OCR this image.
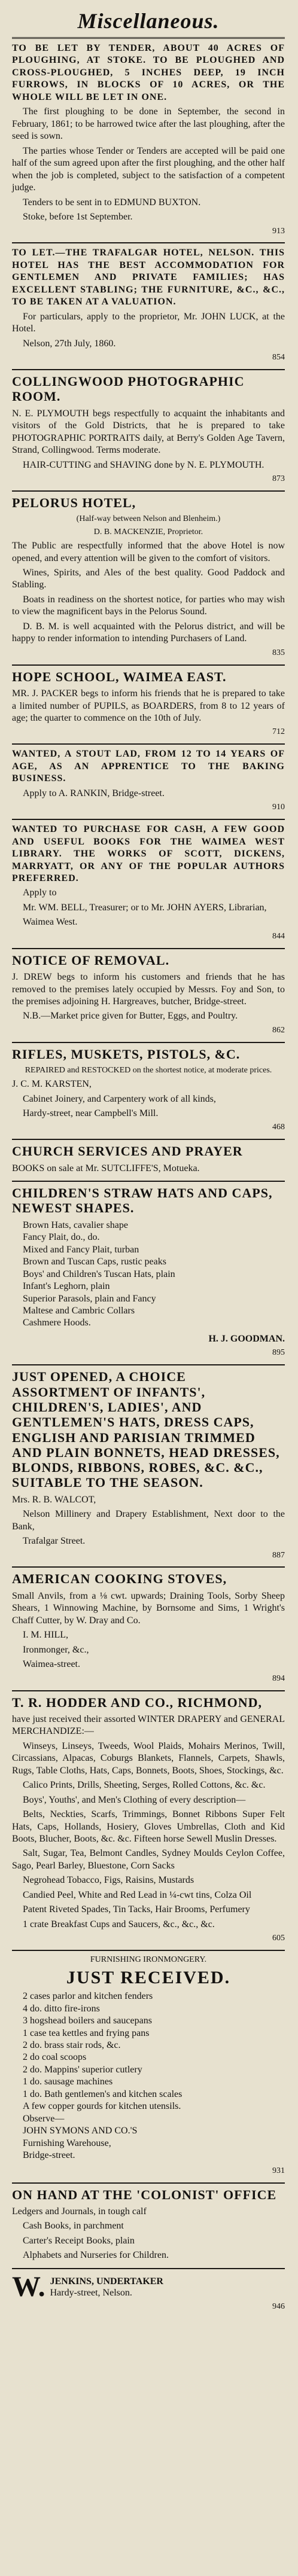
Miscellaneous.
TO BE LET BY TENDER, ABOUT 40 ACRES OF PLOUGHING, AT STOKE. TO BE PLOUGHED AND CROSS-PLOUGHED, 5 INCHES DEEP, 19 INCH FURROWS, IN BLOCKS OF 10 ACRES, OR THE WHOLE WILL BE LET IN ONE.
The first ploughing to be done in September, the second in February, 1861; to be harrowed twice after the last ploughing, after the seed is sown.
The parties whose Tender or Tenders are accepted will be paid one half of the sum agreed upon after the first ploughing, and the other half when the job is completed, subject to the satisfaction of a competent judge.
Tenders to be sent in to EDMUND BUXTON.
Stoke, before 1st September.
913
TO LET.—THE TRAFALGAR HOTEL, NELSON. THIS HOTEL HAS THE BEST ACCOMMODATION FOR GENTLEMEN AND PRIVATE FAMILIES; HAS EXCELLENT STABLING; THE FURNITURE, &C., &C., TO BE TAKEN AT A VALUATION.
For particulars, apply to the proprietor, Mr. JOHN LUCK, at the Hotel.
Nelson, 27th July, 1860.
854
COLLINGWOOD PHOTOGRAPHIC ROOM.
N. E. PLYMOUTH begs respectfully to acquaint the inhabitants and visitors of the Gold Districts, that he is prepared to take PHOTOGRAPHIC PORTRAITS daily, at Berry's Golden Age Tavern, Strand, Collingwood. Terms moderate.
HAIR-CUTTING and SHAVING done by N. E. PLYMOUTH.
873
PELORUS HOTEL,
(Half-way between Nelson and Blenheim.)
D. B. MACKENZIE, Proprietor.
The Public are respectfully informed that the above Hotel is now opened, and every attention will be given to the comfort of visitors.
Wines, Spirits, and Ales of the best quality. Good Paddock and Stabling.
Boats in readiness on the shortest notice, for parties who may wish to view the magnificent bays in the Pelorus Sound.
D. B. M. is well acquainted with the Pelorus district, and will be happy to render information to intending Purchasers of Land.
835
HOPE SCHOOL, WAIMEA EAST.
MR. J. PACKER begs to inform his friends that he is prepared to take a limited number of PUPILS, as BOARDERS, from 8 to 12 years of age; the quarter to commence on the 10th of July.
712
WANTED, A STOUT LAD, FROM 12 TO 14 YEARS OF AGE, AS AN APPRENTICE TO THE BAKING BUSINESS.
Apply to A. RANKIN, Bridge-street.
910
WANTED TO PURCHASE FOR CASH, A FEW GOOD AND USEFUL BOOKS FOR THE WAIMEA WEST LIBRARY. THE WORKS OF SCOTT, DICKENS, MARRYATT, OR ANY OF THE POPULAR AUTHORS PREFERRED.
Apply to
Mr. WM. BELL, Treasurer; or to Mr. JOHN AYERS, Librarian,
Waimea West.
844
NOTICE OF REMOVAL.
J. DREW begs to inform his customers and friends that he has removed to the premises lately occupied by Messrs. Foy and Son, to the premises adjoining H. Hargreaves, butcher, Bridge-street.
N.B.—Market price given for Butter, Eggs, and Poultry.
862
RIFLES, MUSKETS, PISTOLS, &C.
REPAIRED and RESTOCKED on the shortest notice, at moderate prices.
J. C. M. KARSTEN,
Cabinet Joinery, and Carpentery work of all kinds,
Hardy-street, near Campbell's Mill.
468
CHURCH SERVICES AND PRAYER
BOOKS on sale at Mr. SUTCLIFFE'S, Motueka.
CHILDREN'S STRAW HATS AND CAPS, NEWEST SHAPES.
Brown Hats, cavalier shape
Fancy Plait, do., do.
Mixed and Fancy Plait, turban
Brown and Tuscan Caps, rustic peaks
Boys' and Children's Tuscan Hats, plain
Infant's Leghorn, plain
Superior Parasols, plain and Fancy
Maltese and Cambric Collars
Cashmere Hoods.
H. J. GOODMAN.
895
JUST OPENED, A CHOICE ASSORTMENT OF INFANTS', CHILDREN'S, LADIES', AND GENTLEMEN'S HATS, DRESS CAPS, ENGLISH AND PARISIAN TRIMMED AND PLAIN BONNETS, HEAD DRESSES, BLONDS, RIBBONS, ROBES, &C. &C., SUITABLE TO THE SEASON.
Mrs. R. B. WALCOT,
Nelson Millinery and Drapery Establishment, Next door to the Bank,
Trafalgar Street.
887
AMERICAN COOKING STOVES,
Small Anvils, from a ⅛ cwt. upwards; Draining Tools, Sorby Sheep Shears, 1 Winnowing Machine, by Bornsome and Sims, 1 Wright's Chaff Cutter, by W. Dray and Co.
I. M. HILL,
Ironmonger, &c.,
Waimea-street.
894
T. R. HODDER AND CO., RICHMOND,
have just received their assorted WINTER DRAPERY and GENERAL MERCHANDIZE:—
Winseys, Linseys, Tweeds, Wool Plaids, Mohairs Merinos, Twill, Circassians, Alpacas, Coburgs Blankets, Flannels, Carpets, Shawls, Rugs, Table Cloths, Hats, Caps, Bonnets, Boots, Shoes, Stockings, &c.
Calico Prints, Drills, Sheeting, Serges, Rolled Cottons, &c. &c.
Boys', Youths', and Men's Clothing of every description—
Belts, Neckties, Scarfs, Trimmings, Bonnet Ribbons Super Felt Hats, Caps, Hollands, Hosiery, Gloves Umbrellas, Cloth and Kid Boots, Blucher, Boots, &c. &c. Fifteen horse Sewell Muslin Dresses.
Salt, Sugar, Tea, Belmont Candles, Sydney Moulds Ceylon Coffee, Sago, Pearl Barley, Bluestone, Corn Sacks
Negrohead Tobacco, Figs, Raisins, Mustards
Candied Peel, White and Red Lead in ¼-cwt tins, Colza Oil
Patent Riveted Spades, Tin Tacks, Hair Brooms, Perfumery
1 crate Breakfast Cups and Saucers, &c., &c., &c.
605
FURNISHING IRONMONGERY.
JUST RECEIVED.
2 cases parlor and kitchen fenders
4 do. ditto fire-irons
3 hogshead boilers and saucepans
1 case tea kettles and frying pans
2 do. brass stair rods, &c.
2 do coal scoops
2 do. Mappins' superior cutlery
1 do. sausage machines
1 do. Bath gentlemen's and kitchen scales
A few copper gourds for kitchen utensils.
Observe—
JOHN SYMONS AND CO.'S
Furnishing Warehouse,
Bridge-street.
931
ON HAND AT THE 'COLONIST' OFFICE
Ledgers and Journals, in tough calf
Cash Books, in parchment
Carter's Receipt Books, plain
Alphabets and Nurseries for Children.
W. JENKINS, UNDERTAKER
Hardy-street, Nelson.
946
